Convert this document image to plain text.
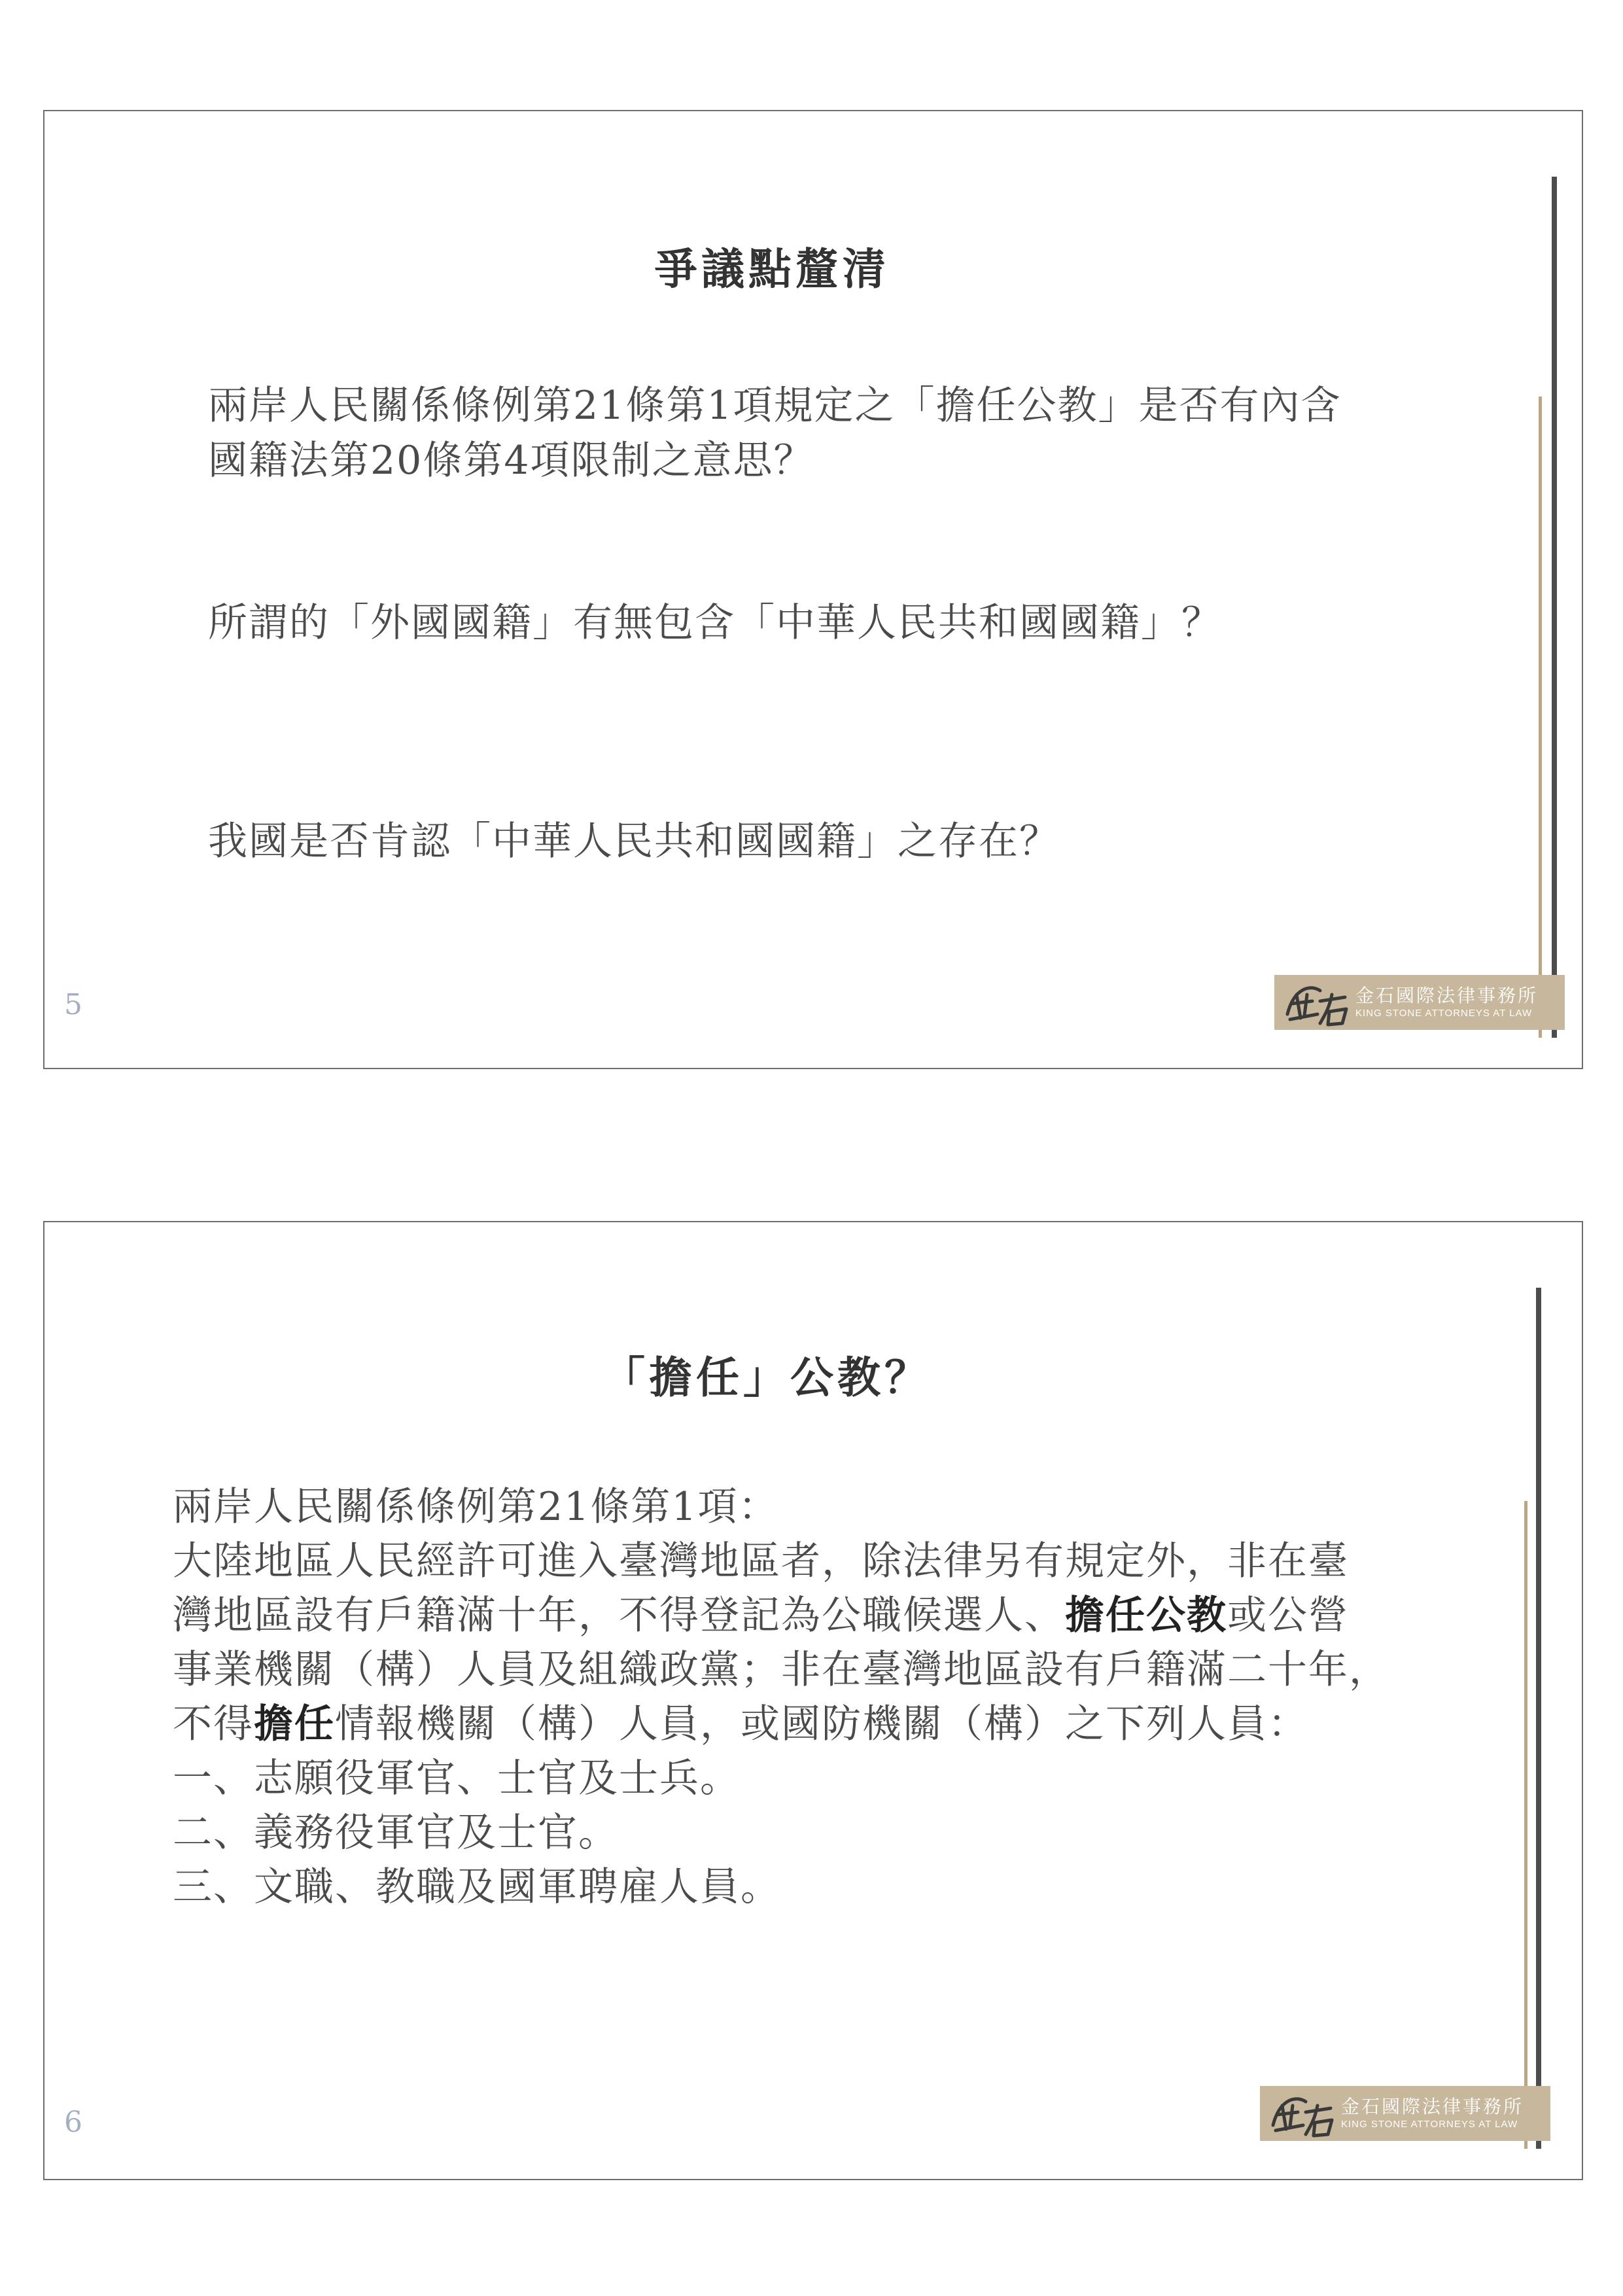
爭議點釐清
兩岸人民關係條例第21條第1項規定之「擔任公教」是否有內含
國籍法第20條第4項限制之意思？
所謂的「外國國籍」有無包含「中華人民共和國國籍」？
我國是否肯認「中華人民共和國國籍」之存在？
5	金石國際法律事務所
KING STONE ATTORNEYS AT LAW
「擔任」公教？
兩岸人民關係條例第21條第1項：
大陸地區人民經許可進入臺灣地區者，除法律另有規定外，非在臺
灣地區設有戶籍滿十年，不得登記為公職候選人、擔任公教或公營
事業機關（構）人員及組織政黨；非在臺灣地區設有戶籍滿二十年，
不得擔任情報機關（構）人員，或國防機關（構）之下列人員：
一、志願役軍官、士官及士兵。
二、義務役軍官及士官。
三、文職、教職及國軍聘雇人員。
6	金石國際法律事務所
KING STONE ATTORNEYS AT LAW
